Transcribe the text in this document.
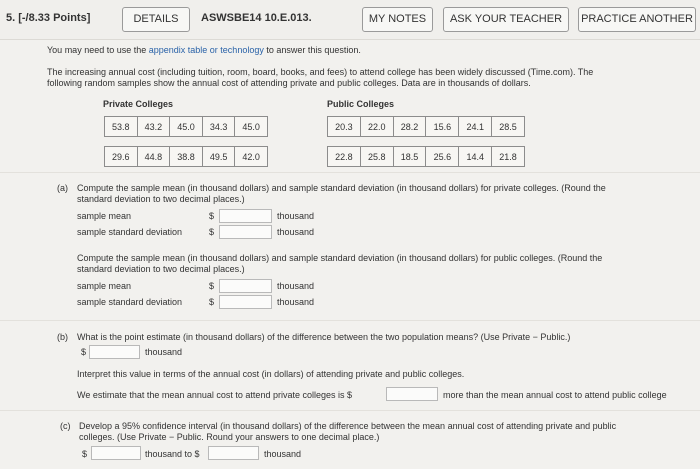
5. [-/8.33 Points]	DETAILS	ASWSBE14 10.E.013.	MY NOTES	ASK YOUR TEACHER	PRACTICE ANOTHER
You may need to use the appendix table or technology to answer this question.
The increasing annual cost (including tuition, room, board, books, and fees) to attend college has been widely discussed (Time.com). The
following random samples show the annual cost of attending private and public colleges. Data are in thousands of dollars.
Private Colleges
53.8	43.2	45.0	34.3	45.0

29.6	44.8	38.8	49.5	42.0
Public Colleges
20.3	22.0	28.2	15.6	24.1	28.5

22.8	25.8	18.5	25.6	14.4	21.8
(a) Compute the sample mean (in thousand dollars) and sample standard deviation (in thousand dollars) for private colleges. (Round the
standard deviation to two decimal places.)
sample mean	$	thousand
sample standard deviation	$	thousand
Compute the sample mean (in thousand dollars) and sample standard deviation (in thousand dollars) for public colleges. (Round the
standard deviation to two decimal places.)
sample mean	$	thousand
sample standard deviation	$	thousand
(b) What is the point estimate (in thousand dollars) of the difference between the two population means? (Use Private − Public.)
$	thousand
Interpret this value in terms of the annual cost (in dollars) of attending private and public colleges.
We estimate that the mean annual cost to attend private colleges is $	more than the mean annual cost to attend public college
(c) Develop a 95% confidence interval (in thousand dollars) of the difference between the mean annual cost of attending private and public
colleges. (Use Private − Public. Round your answers to one decimal place.)
$	thousand to $	thousand
